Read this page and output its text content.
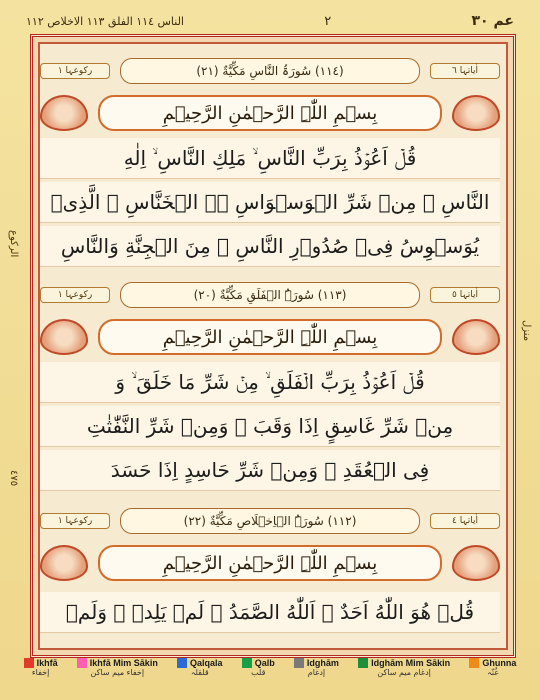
عم ٣٠
٢
الناس ١١٤ الفلق ١١٣ الاخلاص ١١٢
الركوع
٤٧٥
منزل
اٰیاتہا ٦
(١١٤) سُورَۃُ النَّاسِ مَكِّيَّةٌ (٢١)
رکوعہا ١
بِسۡمِ اللّٰہِ الرَّحۡمٰنِ الرَّحِیۡمِ
قُلۡ اَعُوۡذُ بِرَبِّ النَّاسِ ۙ مَلِكِ النَّاسِ ۙ اِلٰهِ
النَّاسِ ۙ مِنۡ شَرِّ الۡوَسۡوَاسِ ۬ۙ الۡخَنَّاسِ ۙ الَّذِىۡ
يُوَسۡوِسُ فِىۡ صُدُوۡرِ النَّاسِ ۙ مِنَ الۡجِنَّةِ وَالنَّاسِ
اٰیاتہا ٥
(١١٣) سُورَۃُ الۡفَلَقِ مَكِّيَّةٌ (٢٠)
رکوعہا ١
بِسۡمِ اللّٰہِ الرَّحۡمٰنِ الرَّحِیۡمِ
قُلۡ اَعُوۡذُ بِرَبِّ الۡفَلَقِ ۙ مِنۡ شَرِّ مَا خَلَقَ ۙ وَ
مِنۡ شَرِّ غَاسِقٍ اِذَا وَقَبَ ۙ وَمِنۡ شَرِّ النَّفّٰثٰتِ
فِى الۡعُقَدِ ۙ وَمِنۡ شَرِّ حَاسِدٍ اِذَا حَسَدَ
اٰیاتہا ٤
(١١٢) سُورَۃُ الۡاِخۡلَاصِ مَكِّيَّةٌ (٢٢)
رکوعہا ١
بِسۡمِ اللّٰہِ الرَّحۡمٰنِ الرَّحِیۡمِ
قُلۡ هُوَ اللّٰهُ اَحَدٌ ۚ اَللّٰهُ الصَّمَدُ ۚ لَمۡ يَلِدۡ ۙ وَلَمۡ
Ikhfā
إخفاء
Ikhfā Mim Sākin
إخفاء میم ساکن
Qalqala
قلقلہ
Qalb
قلب
Idghām
إدغام
Idghām Mim Sākin
إدغام میم ساکن
Ghunna
غُنّہ
